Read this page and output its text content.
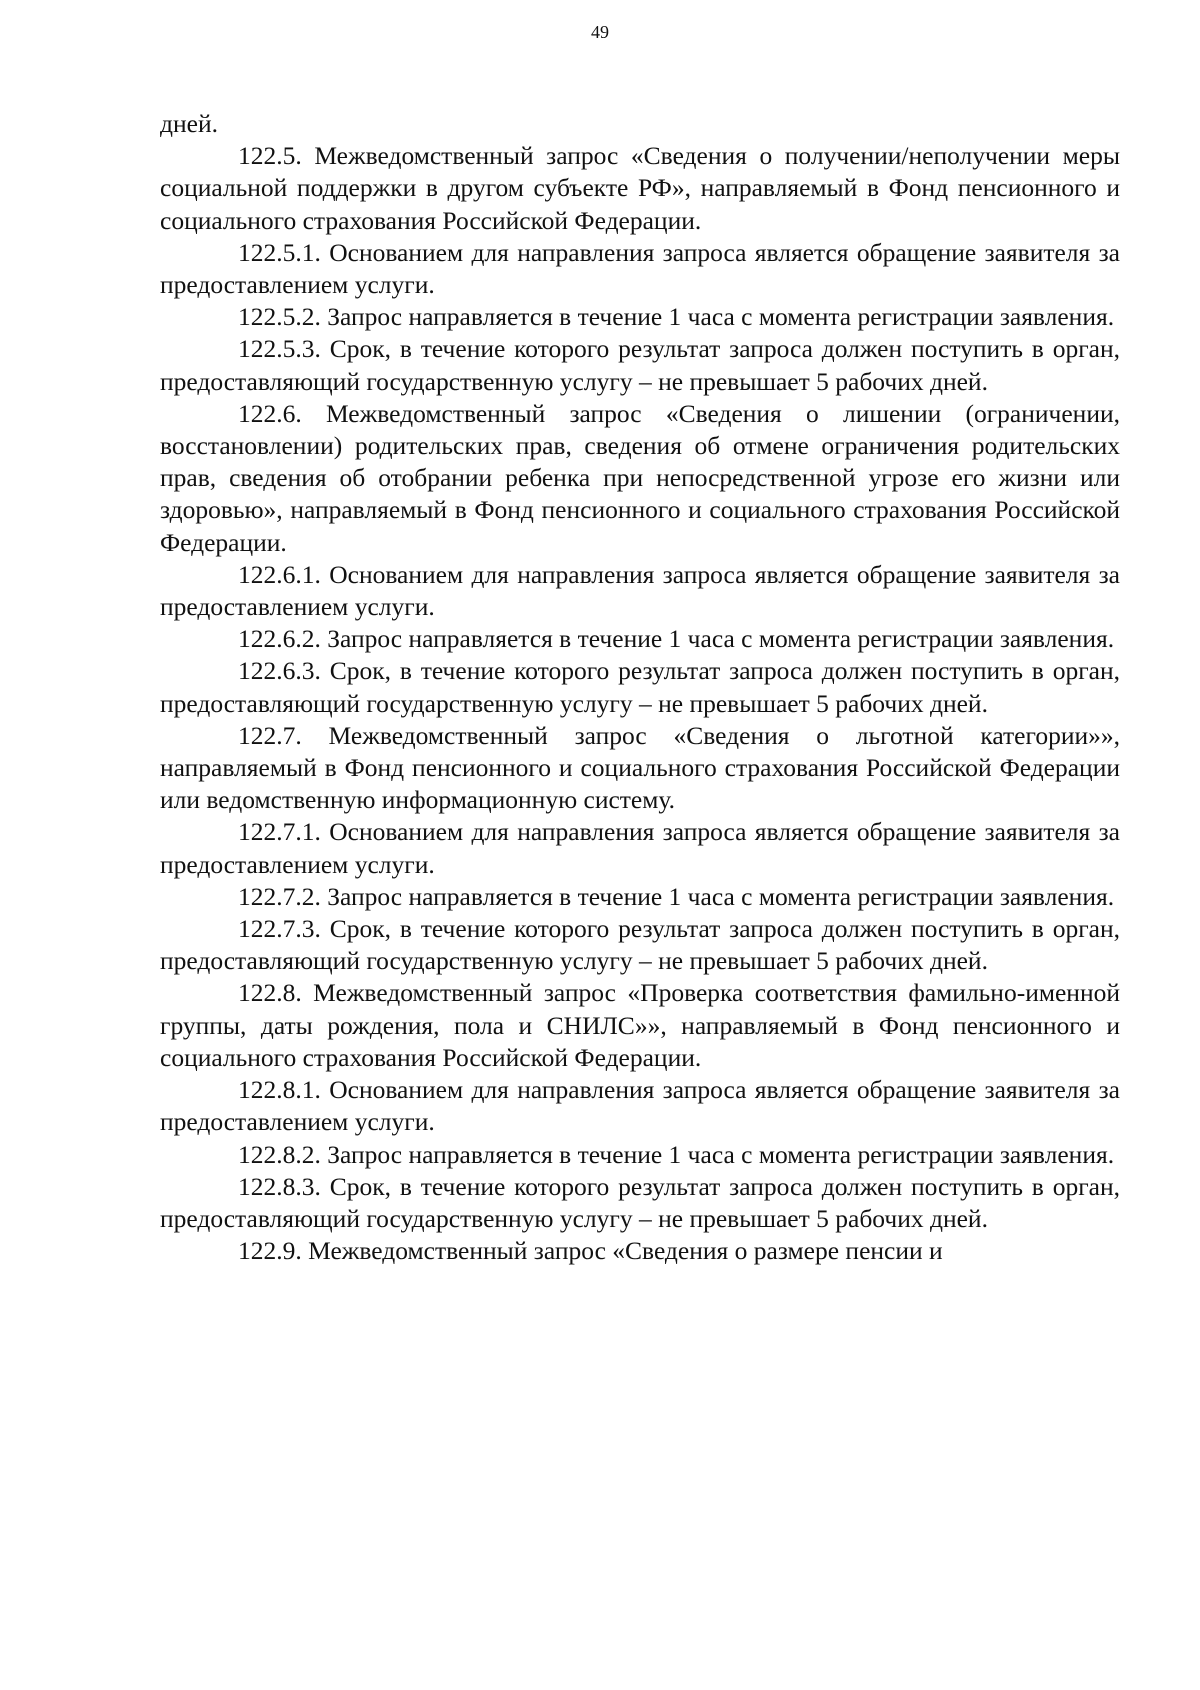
49

дней.

122.5. Межведомственный запрос «Сведения о получении/неполучении меры социальной поддержки в другом субъекте РФ», направляемый в Фонд пенсионного и социального страхования Российской Федерации.

122.5.1. Основанием для направления запроса является обращение заявителя за предоставлением услуги.

122.5.2. Запрос направляется в течение 1 часа с момента регистрации заявления.

122.5.3. Срок, в течение которого результат запроса должен поступить в орган, предоставляющий государственную услугу – не превышает 5 рабочих дней.

122.6. Межведомственный запрос «Сведения о лишении (ограничении, восстановлении) родительских прав, сведения об отмене ограничения родительских прав, сведения об отобрании ребенка при непосредственной угрозе его жизни или здоровью», направляемый в Фонд пенсионного и социального страхования Российской Федерации.

122.6.1. Основанием для направления запроса является обращение заявителя за предоставлением услуги.

122.6.2. Запрос направляется в течение 1 часа с момента регистрации заявления.

122.6.3. Срок, в течение которого результат запроса должен поступить в орган, предоставляющий государственную услугу – не превышает 5 рабочих дней.

122.7. Межведомственный запрос «Сведения о льготной категории»», направляемый в Фонд пенсионного и социального страхования Российской Федерации или ведомственную информационную систему.

122.7.1. Основанием для направления запроса является обращение заявителя за предоставлением услуги.

122.7.2. Запрос направляется в течение 1 часа с момента регистрации заявления.

122.7.3. Срок, в течение которого результат запроса должен поступить в орган, предоставляющий государственную услугу – не превышает 5 рабочих дней.

122.8. Межведомственный запрос «Проверка соответствия фамильно-именной группы, даты рождения, пола и СНИЛС»», направляемый в Фонд пенсионного и социального страхования Российской Федерации.

122.8.1. Основанием для направления запроса является обращение заявителя за предоставлением услуги.

122.8.2. Запрос направляется в течение 1 часа с момента регистрации заявления.

122.8.3. Срок, в течение которого результат запроса должен поступить в орган, предоставляющий государственную услугу – не превышает 5 рабочих дней.

122.9. Межведомственный запрос «Сведения о размере пенсии и
